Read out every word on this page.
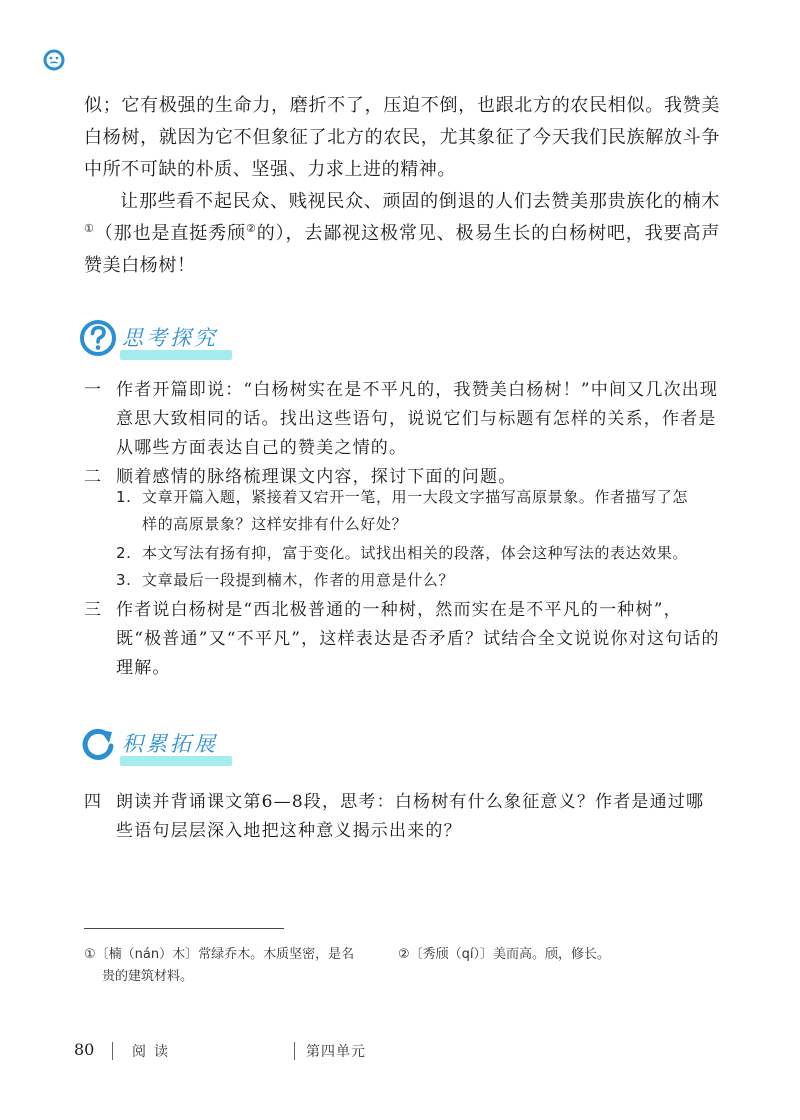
似；它有极强的生命力，磨折不了，压迫不倒，也跟北方的农民相似。我赞美白杨树，就因为它不但象征了北方的农民，尤其象征了今天我们民族解放斗争中所不可缺的朴质、坚强、力求上进的精神。

让那些看不起民众、贱视民众、顽固的倒退的人们去赞美那贵族化的楠木①（那也是直挺秀颀②的），去鄙视这极常见、极易生长的白杨树吧，我要高声赞美白杨树！

思考探究
一 作者开篇即说：“白杨树实在是不平凡的，我赞美白杨树！”中间又几次出现意思大致相同的话。找出这些语句，说说它们与标题有怎样的关系，作者是从哪些方面表达自己的赞美之情的。
二 顺着感情的脉络梳理课文内容，探讨下面的问题。
1. 文章开篇入题，紧接着又宕开一笔，用一大段文字描写高原景象。作者描写了怎样的高原景象？这样安排有什么好处？
2. 本文写法有扬有抑，富于变化。试找出相关的段落，体会这种写法的表达效果。
3. 文章最后一段提到楠木，作者的用意是什么？
三 作者说白杨树是“西北极普通的一种树，然而实在是不平凡的一种树”，既“极普通”又“不平凡”，这样表达是否矛盾？试结合全文说说你对这句话的理解。
积累拓展
四 朗读并背诵课文第6—8段，思考：白杨树有什么象征意义？作者是通过哪些语句层层深入地把这种意义揭示出来的？
①〔楠（nán）木〕常绿乔木。木质坚密，是名
贵的建筑材料。
②〔秀颀（qí）〕美而高。颀，修长。
80	阅读	第四单元
